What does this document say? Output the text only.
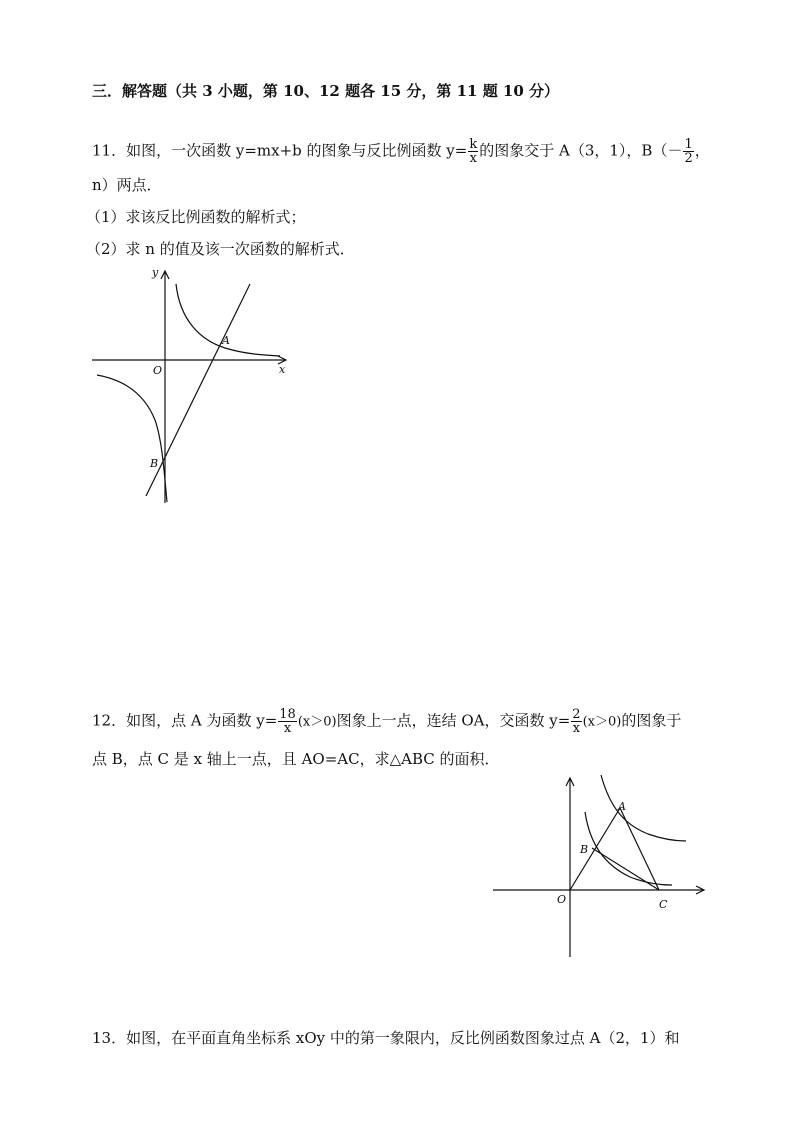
三．解答题（共 3 小题，第 10、12 题各 15 分，第 11 题 10 分）
11．如图，一次函数 y=mx+b 的图象与反比例函数 $y= \frac{k}{x}$ 的图象交于 A（3，1），$B(- \frac{1}{2}$ ，
n）两点．
（1）求该反比例函数的解析式；
（2）求 n 的值及该一次函数的解析式．
y
x
O
A
B
12．如图，点 A 为函数 $y= \frac{18}{x} (x>0)$图象上一点，连结 OA，交函数 $y= \frac{2}{x} (x>0)$的图象于
点 B，点 C 是 x 轴上一点，且 AO=AC，求△ABC 的面积．
A
B
C
O
13．如图，在平面直角坐标系 xOy 中的第一象限内，反比例函数图象过点 A（2，1）和
